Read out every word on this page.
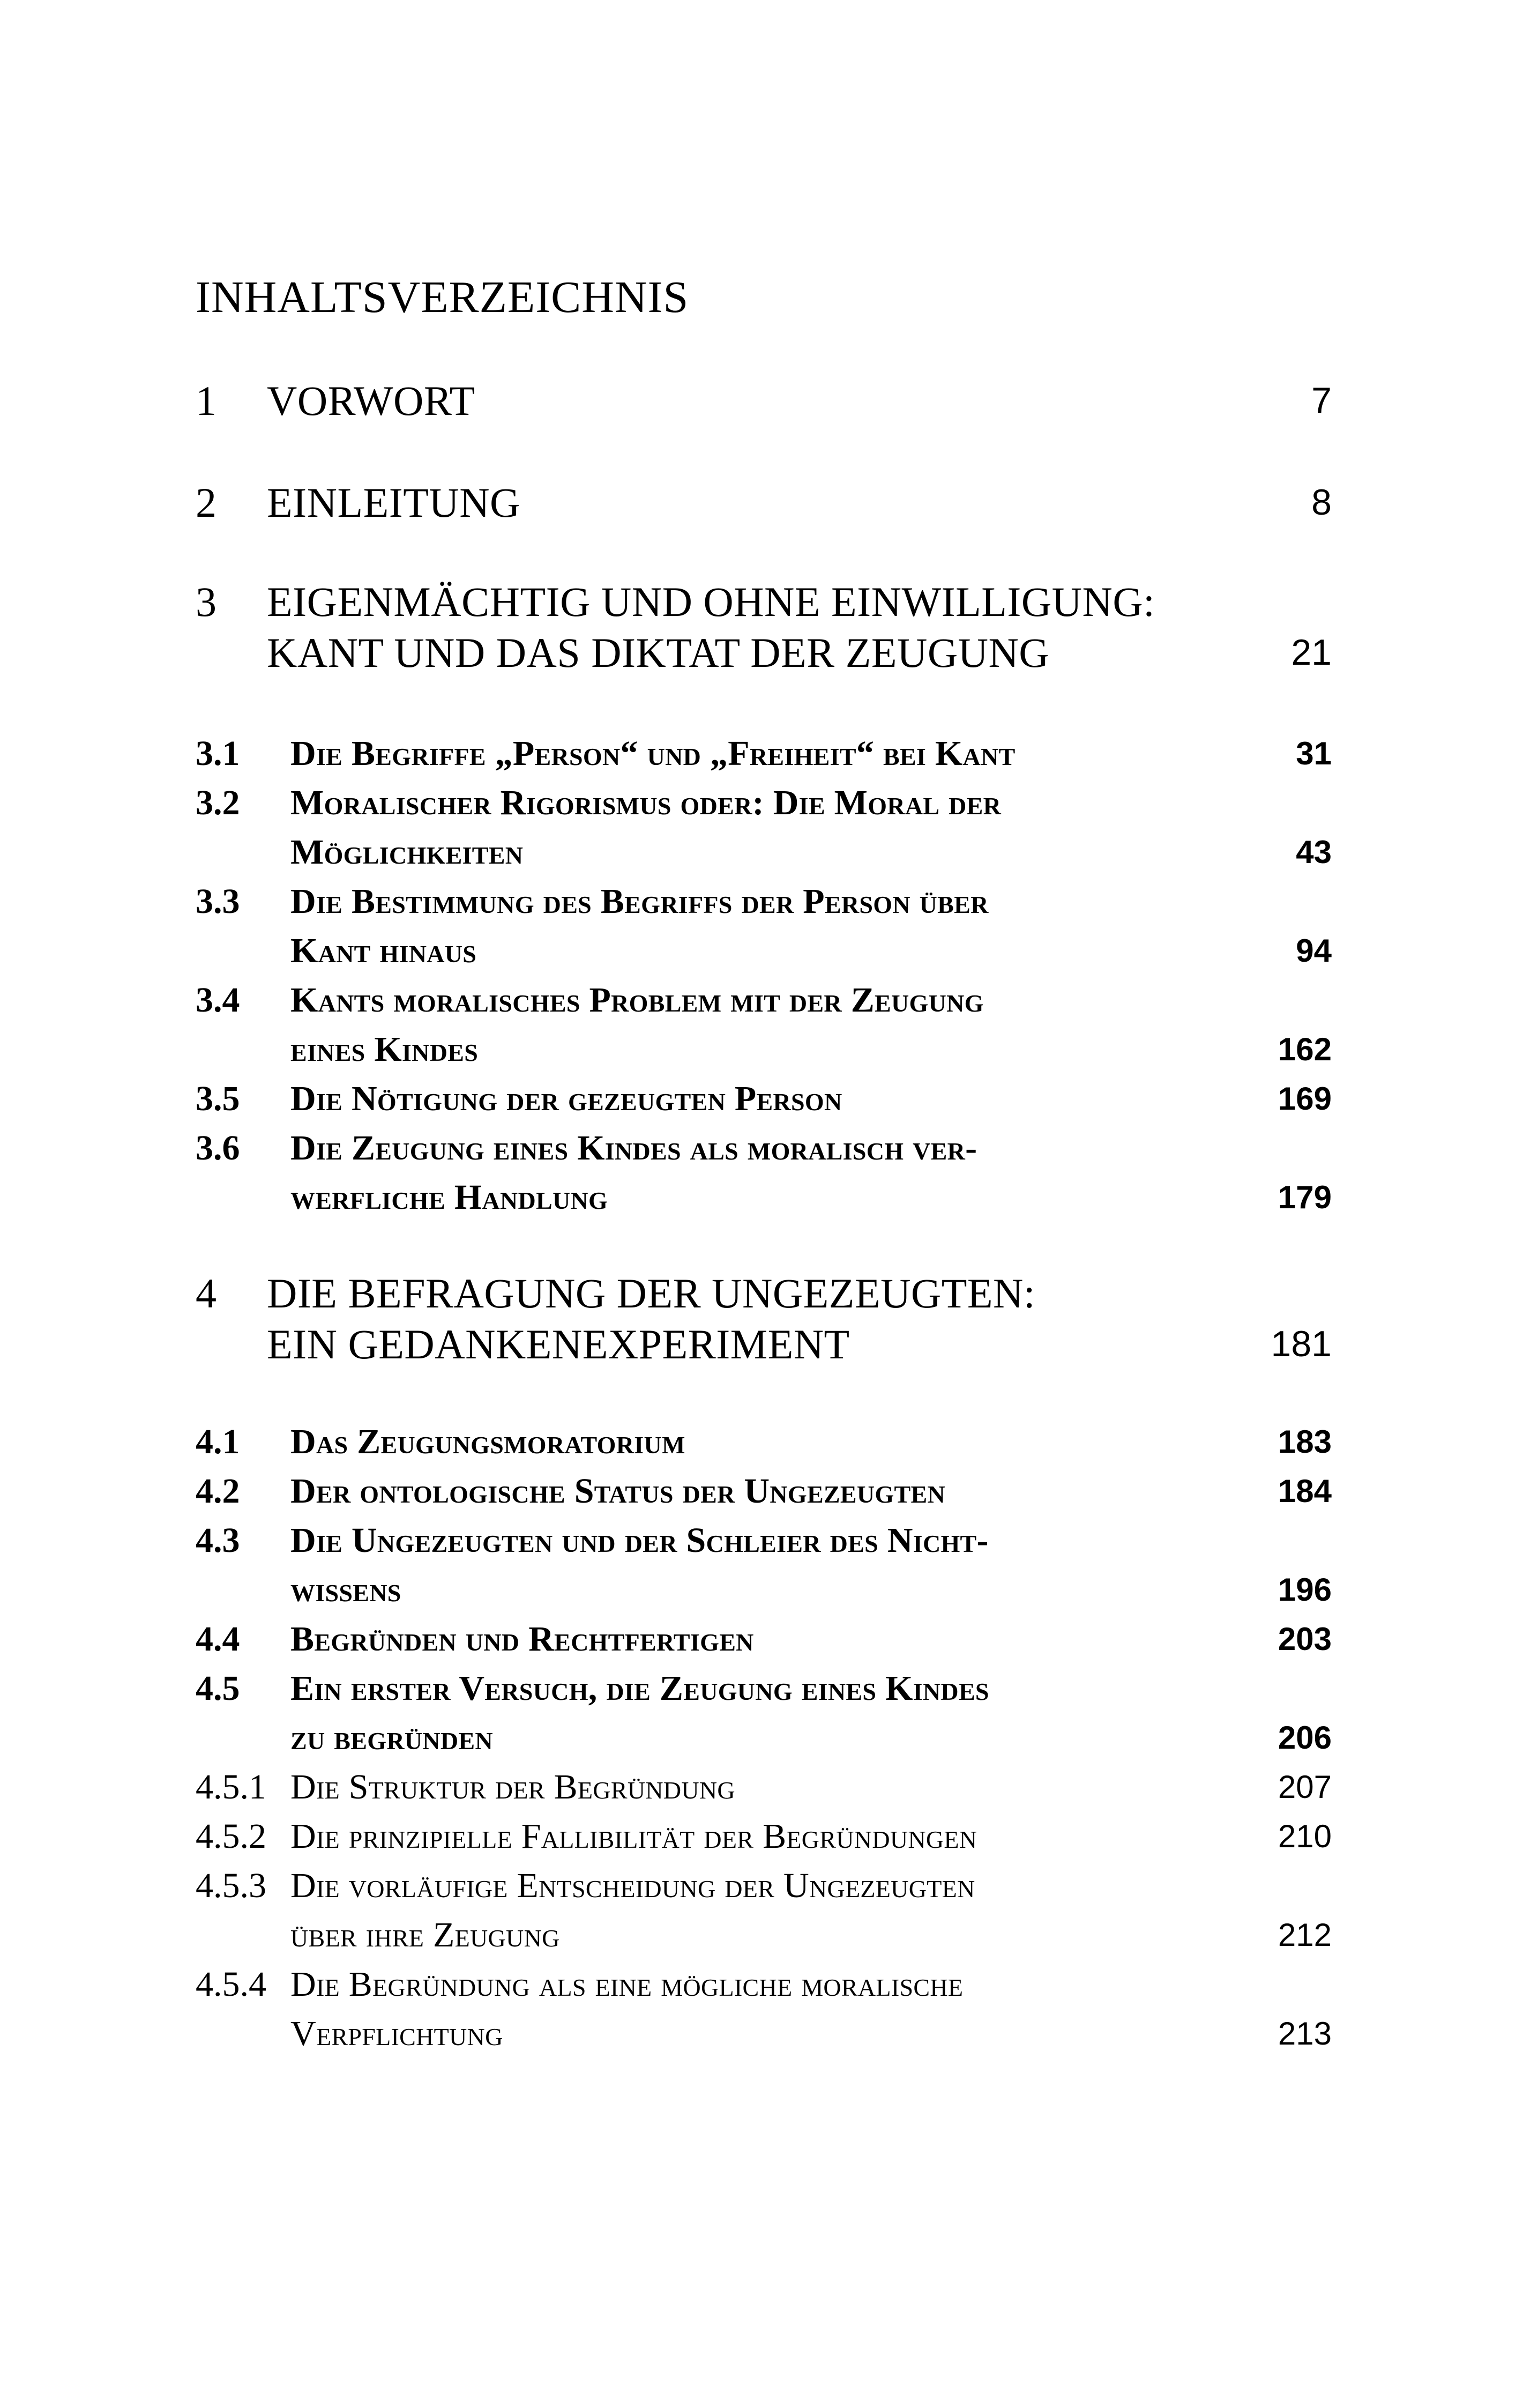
INHALTSVERZEICHNIS
1 VORWORT	7
2 EINLEITUNG	8
3 EIGENMÄCHTIG UND OHNE EINWILLIGUNG:
KANT UND DAS DIKTAT DER ZEUGUNG	21
3.1 Die Begriffe „Person“ und „Freiheit“ bei Kant	31
3.2 Moralischer Rigorismus oder: Die Moral der
Möglichkeiten	43
3.3 Die Bestimmung des Begriffs der Person über
Kant hinaus	94
3.4 Kants moralisches Problem mit der Zeugung
eines Kindes	162
3.5 Die Nötigung der gezeugten Person	169
3.6 Die Zeugung eines Kindes als moralisch ver-
werfliche Handlung	179
4 DIE BEFRAGUNG DER UNGEZEUGTEN:
EIN GEDANKENEXPERIMENT	181
4.1 Das Zeugungsmoratorium	183
4.2 Der ontologische Status der Ungezeugten	184
4.3 Die Ungezeugten und der Schleier des Nicht-
wissens	196
4.4 Begründen und Rechtfertigen	203
4.5 Ein erster Versuch, die Zeugung eines Kindes
zu begründen	206
4.5.1 Die Struktur der Begründung	207
4.5.2 Die prinzipielle Fallibilität der Begründungen	210
4.5.3 Die vorläufige Entscheidung der Ungezeugten
über ihre Zeugung	212
4.5.4 Die Begründung als eine mögliche moralische
Verpflichtung	213
